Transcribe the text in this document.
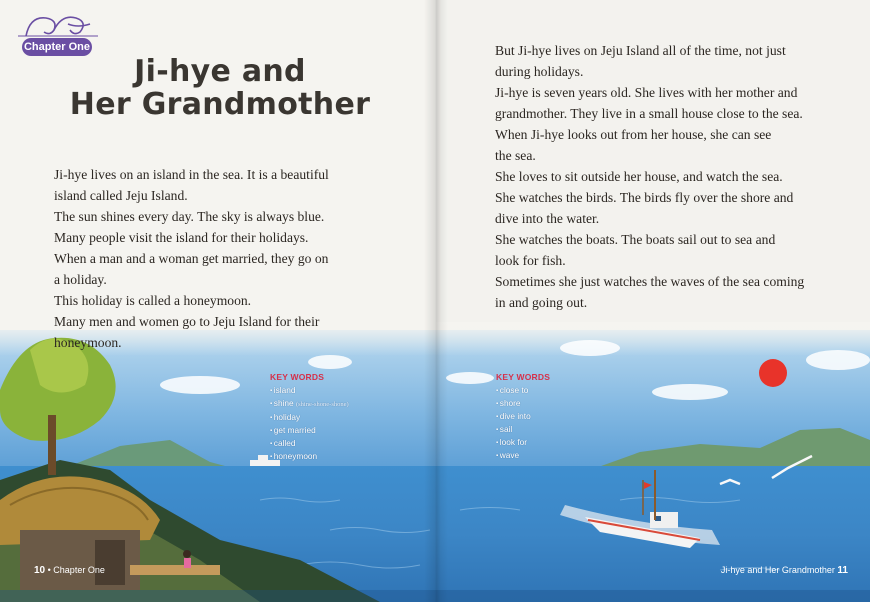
Chapter One
Ji-hye and
Her Grandmother
Ji-hye lives on an island in the sea. It is a beautiful
island called Jeju Island.
The sun shines every day. The sky is always blue.
Many people visit the island for their holidays.
When a man and a woman get married, they go on
a holiday.
This holiday is called a honeymoon.
Many men and women go to Jeju Island for their
honeymoon.
But Ji-hye lives on Jeju Island all of the time, not just
during holidays.
Ji-hye is seven years old. She lives with her mother and
grandmother. They live in a small house close to the sea.
When Ji-hye looks out from her house, she can see
the sea.
She loves to sit outside her house, and watch the sea.
She watches the birds. The birds fly over the shore and
dive into the water.
She watches the boats. The boats sail out to sea and
look for fish.
Sometimes she just watches the waves of the sea coming
in and going out.
KEY WORDS
▪ island
▪ shine (shine-shone-shone)
▪ holiday
▪ get married
▪ called
▪ honeymoon
KEY WORDS
▪ close to
▪ shore
▪ dive into
▪ sail
▪ look for
▪ wave
10 • Chapter One	Ji-hye and Her Grandmother 11
